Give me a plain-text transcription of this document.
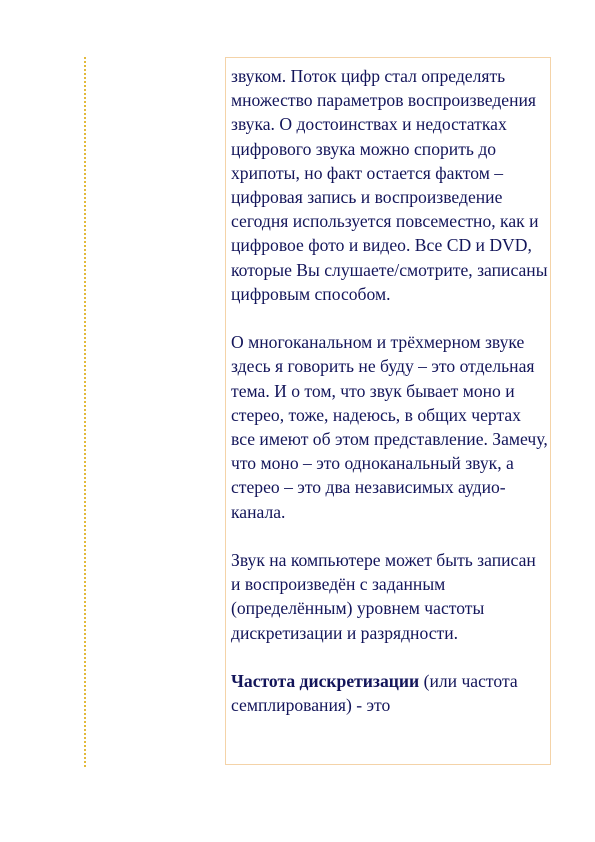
звуком. Поток цифр стал определять множество параметров воспроизведения звука. О достоинствах и недостатках цифрового звука можно спорить до хрипоты, но факт остается фактом – цифровая запись и воспроизведение сегодня используется повсеместно, как и цифровое фото и видео. Все CD и DVD, которые Вы слушаете/смотрите, записаны цифровым способом.

О многоканальном и трёхмерном звуке здесь я говорить не буду – это отдельная тема. И о том, что звук бывает моно и стерео, тоже, надеюсь, в общих чертах все имеют об этом представление. Замечу, что моно – это одноканальный звук, а стерео – это два независимых аудио-канала.

Звук на компьютере может быть записан и воспроизведён с заданным (определённым) уровнем частоты дискретизации и разрядности.

Частота дискретизации (или частота семплирования) - это
